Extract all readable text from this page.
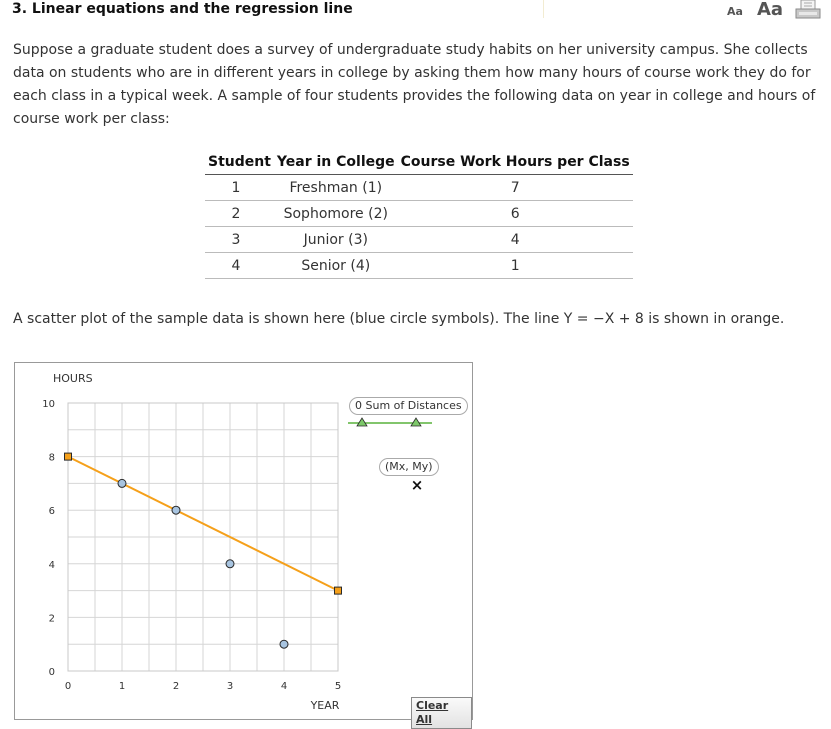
3. Linear equations and the regression line	Aa Aa

Suppose a graduate student does a survey of undergraduate study habits on her university campus. She collects data on students who are in different years in college by asking them how many hours of course work they do for each class in a typical week. A sample of four students provides the following data on year in college and hours of course work per class:

Student	Year in College	Course Work Hours per Class
1	Freshman (1)	7
2	Sophomore (2)	6
3	Junior (3)	4
4	Senior (4)	1

A scatter plot of the sample data is shown here (blue circle symbols). The line Y = −X + 8 is shown in orange.

0	1	2	3	4	5
0
2
4
6
8
10
HOURS
YEAR
×
0 Sum of Distances
(Mx, My)
Clear All
